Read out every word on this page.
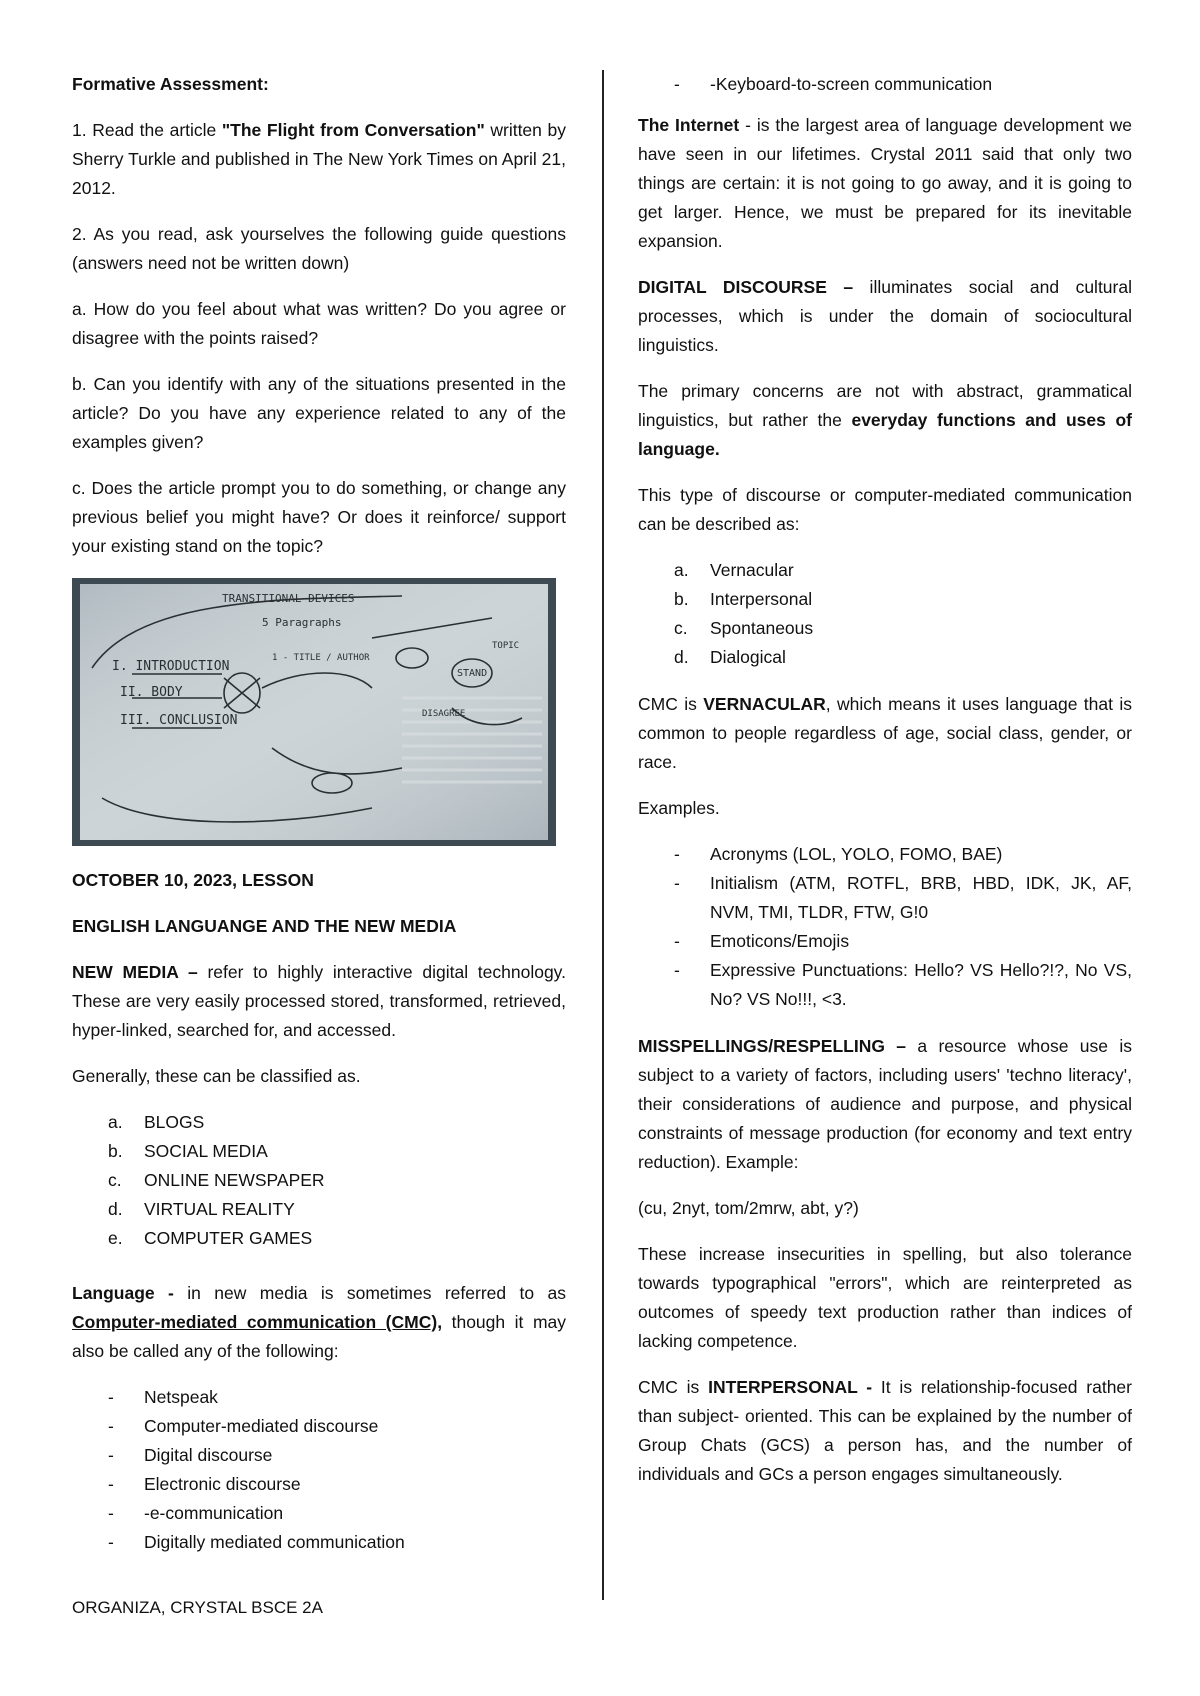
Formative Assessment:

1. Read the article "The Flight from Conversation" written by Sherry Turkle and published in The New York Times on April 21, 2012.

2. As you read, ask yourselves the following guide questions (answers need not be written down)

a. How do you feel about what was written? Do you agree or disagree with the points raised?

b. Can you identify with any of the situations presented in the article? Do you have any experience related to any of the examples given?

c. Does the article prompt you to do something, or change any previous belief you might have? Or does it reinforce/ support your existing stand on the topic?

TRANSITIONAL DEVICES
5 Paragraphs
I. INTRODUCTION
II. BODY
III. CONCLUSION
1 - TITLE / AUTHOR
STAND
TOPIC
DISAGREE

OCTOBER 10, 2023, LESSON

ENGLISH LANGUANGE AND THE NEW MEDIA

NEW MEDIA – refer to highly interactive digital technology. These are very easily processed stored, transformed, retrieved, hyper-linked, searched for, and accessed.

Generally, these can be classified as.

a. BLOGS
b. SOCIAL MEDIA
c. ONLINE NEWSPAPER
d. VIRTUAL REALITY
e. COMPUTER GAMES

Language - in new media is sometimes referred to as Computer-mediated communication (CMC), though it may also be called any of the following:

- Netspeak
- Computer-mediated discourse
- Digital discourse
- Electronic discourse
- -e-communication
- Digitally mediated communication
- -Keyboard-to-screen communication

The Internet - is the largest area of language development we have seen in our lifetimes. Crystal 2011 said that only two things are certain: it is not going to go away, and it is going to get larger. Hence, we must be prepared for its inevitable expansion.

DIGITAL DISCOURSE – illuminates social and cultural processes, which is under the domain of sociocultural linguistics.

The primary concerns are not with abstract, grammatical linguistics, but rather the everyday functions and uses of language.

This type of discourse or computer-mediated communication can be described as:

a. Vernacular
b. Interpersonal
c. Spontaneous
d. Dialogical

CMC is VERNACULAR, which means it uses language that is common to people regardless of age, social class, gender, or race.

Examples.

- Acronyms (LOL, YOLO, FOMO, BAE)
- Initialism (ATM, ROTFL, BRB, HBD, IDK, JK, AF, NVM, TMI, TLDR, FTW, G!0
- Emoticons/Emojis
- Expressive Punctuations: Hello? VS Hello?!?, No VS, No? VS No!!!, <3.

MISSPELLINGS/RESPELLING – a resource whose use is subject to a variety of factors, including users' 'techno literacy', their considerations of audience and purpose, and physical constraints of message production (for economy and text entry reduction). Example:

(cu, 2nyt, tom/2mrw, abt, y?)

These increase insecurities in spelling, but also tolerance towards typographical "errors", which are reinterpreted as outcomes of speedy text production rather than indices of lacking competence.

CMC is INTERPERSONAL - It is relationship-focused rather than subject- oriented. This can be explained by the number of Group Chats (GCS) a person has, and the number of individuals and GCs a person engages simultaneously.

ORGANIZA, CRYSTAL BSCE 2A
